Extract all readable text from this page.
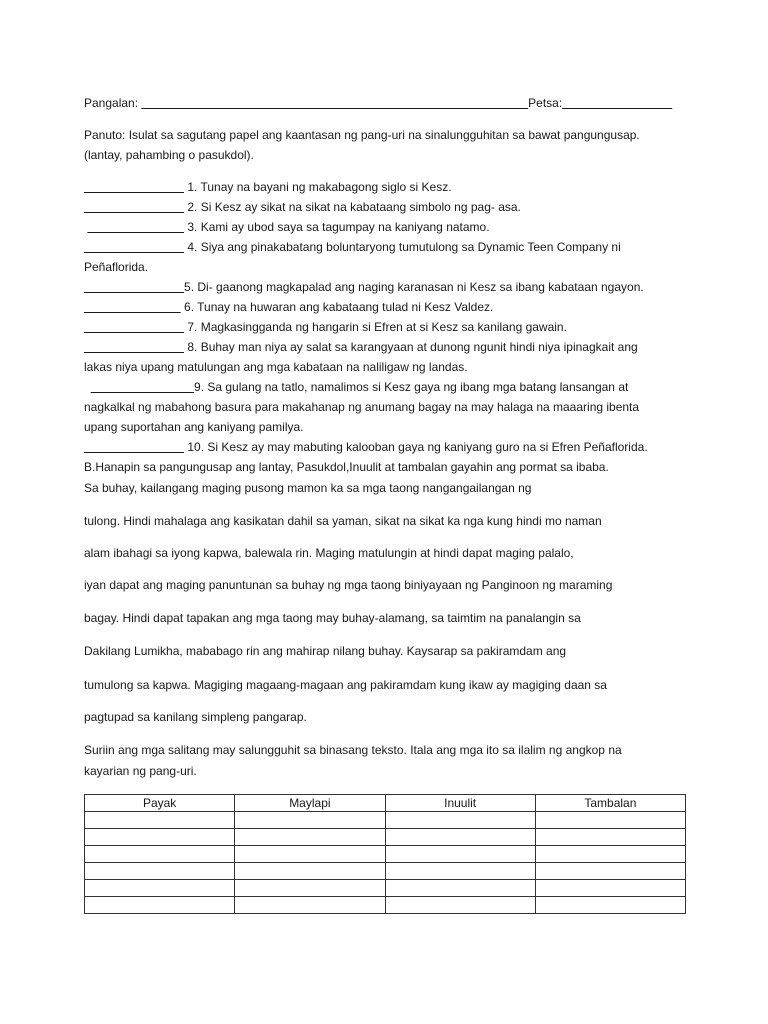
Pangalan:	Petsa:
Panuto: Isulat sa sagutang papel ang kaantasan ng pang-uri na sinalungguhitan sa bawat pangungusap.
(lantay, pahambing o pasukdol).
1. Tunay na bayani ng makabagong siglo si Kesz.
2. Si Kesz ay sikat na sikat na kabataang simbolo ng pag- asa.
3. Kami ay ubod saya sa tagumpay na kaniyang natamo.
4. Siya ang pinakabatang boluntaryong tumutulong sa Dynamic Teen Company ni
Peñaflorida.
5. Di- gaanong magkapalad ang naging karanasan ni Kesz sa ibang kabataan ngayon.
6. Tunay na huwaran ang kabataang tulad ni Kesz Valdez.
7. Magkasingganda ng hangarin si Efren at si Kesz sa kanilang gawain.
8. Buhay man niya ay salat sa karangyaan at dunong ngunit hindi niya ipinagkait ang
lakas niya upang matulungan ang mga kabataan na naliligaw ng landas.
9. Sa gulang na tatlo, namalimos si Kesz gaya ng ibang mga batang lansangan at
nagkalkal ng mabahong basura para makahanap ng anumang bagay na may halaga na maaaring ibenta
upang suportahan ang kaniyang pamilya.
10. Si Kesz ay may mabuting kalooban gaya ng kaniyang guro na si Efren Peñaflorida.
B.Hanapin sa pangungusap ang lantay, Pasukdol,Inuulit at tambalan gayahin ang pormat sa ibaba.
Sa buhay, kailangang maging pusong mamon ka sa mga taong nangangailangan ng
tulong. Hindi mahalaga ang kasikatan dahil sa yaman, sikat na sikat ka nga kung hindi mo naman
alam ibahagi sa iyong kapwa, balewala rin. Maging matulungin at hindi dapat maging palalo,
iyan dapat ang maging panuntunan sa buhay ng mga taong biniyayaan ng Panginoon ng maraming
bagay. Hindi dapat tapakan ang mga taong may buhay-alamang, sa taimtim na panalangin sa
Dakilang Lumikha, mababago rin ang mahirap nilang buhay. Kaysarap sa pakiramdam ang
tumulong sa kapwa. Magiging magaang-magaan ang pakiramdam kung ikaw ay magiging daan sa
pagtupad sa kanilang simpleng pangarap.
Suriin ang mga salitang may salungguhit sa binasang teksto. Itala ang mga ito sa ilalim ng angkop na
kayarian ng pang-uri.
Payak	Maylapi	Inuulit	Tambalan
